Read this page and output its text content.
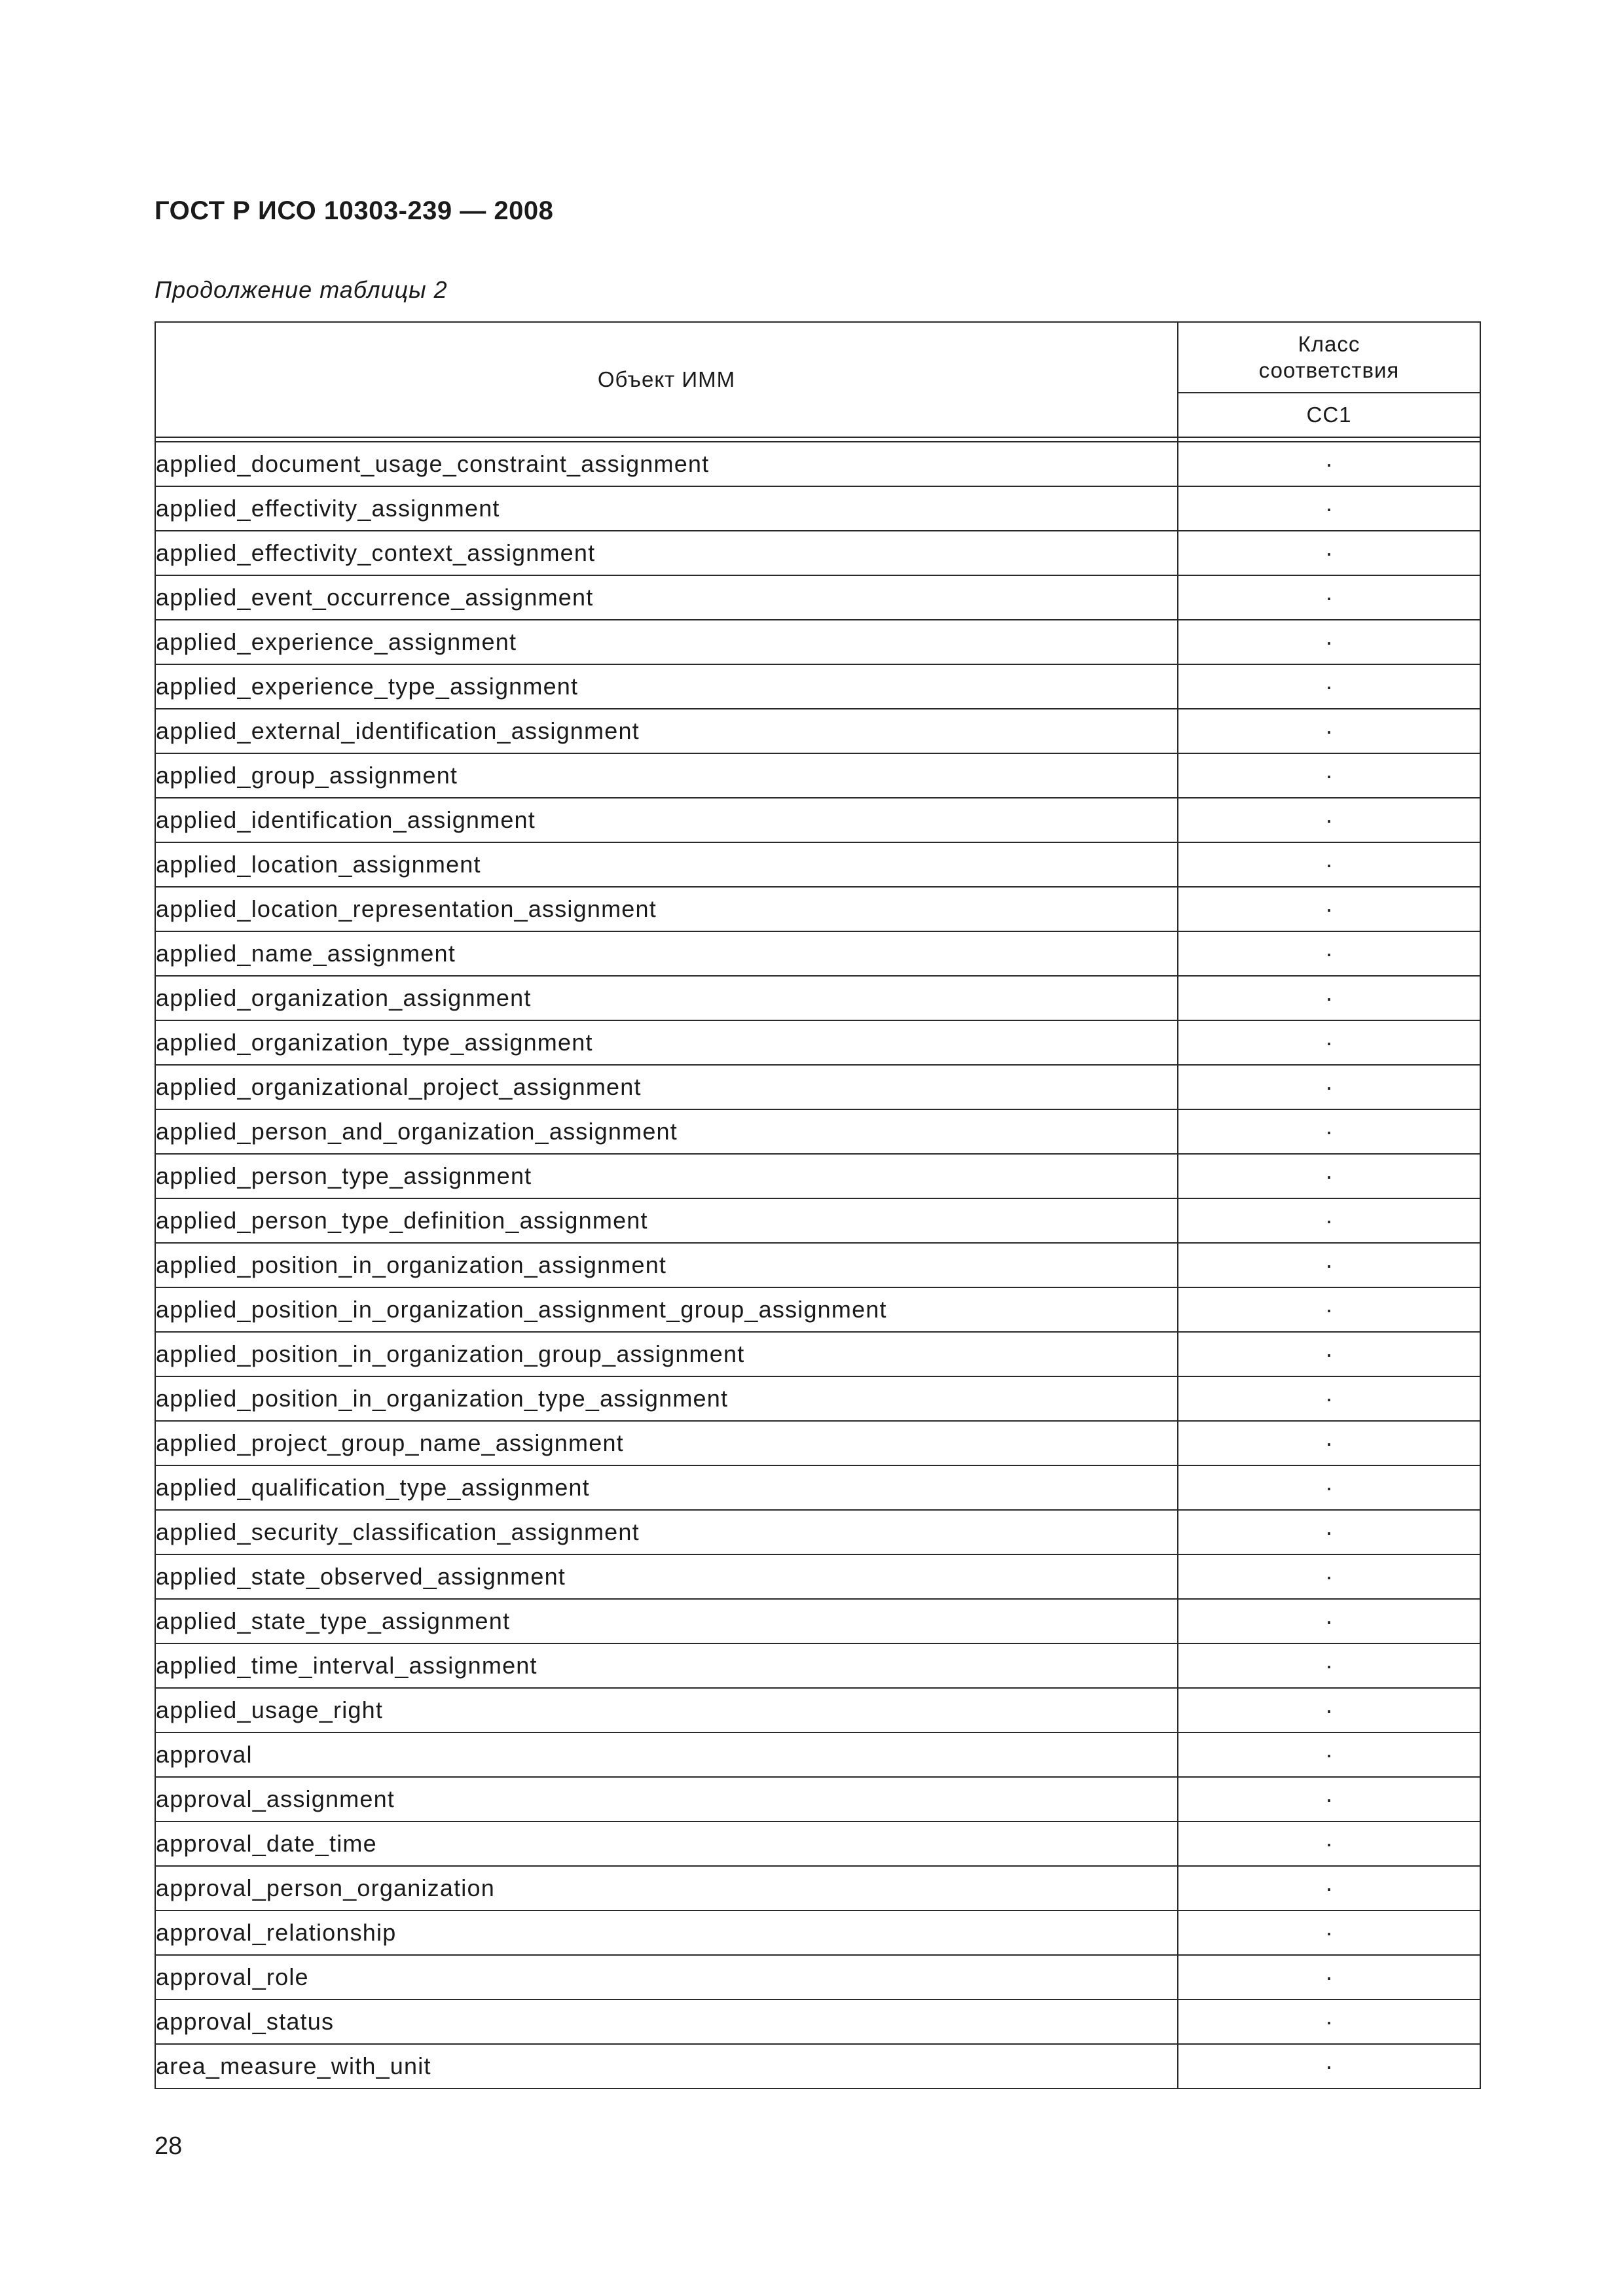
ГОСТ Р ИСО 10303-239 — 2008

Продолжение таблицы 2

Объект ИММ	Класс
соответствия
	CC1

applied_document_usage_constraint_assignment	·
applied_effectivity_assignment	·
applied_effectivity_context_assignment	·
applied_event_occurrence_assignment	·
applied_experience_assignment	·
applied_experience_type_assignment	·
applied_external_identification_assignment	·
applied_group_assignment	·
applied_identification_assignment	·
applied_location_assignment	·
applied_location_representation_assignment	·
applied_name_assignment	·
applied_organization_assignment	·
applied_organization_type_assignment	·
applied_organizational_project_assignment	·
applied_person_and_organization_assignment	·
applied_person_type_assignment	·
applied_person_type_definition_assignment	·
applied_position_in_organization_assignment	·
applied_position_in_organization_assignment_group_assignment	·
applied_position_in_organization_group_assignment	·
applied_position_in_organization_type_assignment	·
applied_project_group_name_assignment	·
applied_qualification_type_assignment	·
applied_security_classification_assignment	·
applied_state_observed_assignment	·
applied_state_type_assignment	·
applied_time_interval_assignment	·
applied_usage_right	·
approval	·
approval_assignment	·
approval_date_time	·
approval_person_organization	·
approval_relationship	·
approval_role	·
approval_status	·
area_measure_with_unit	·

28
